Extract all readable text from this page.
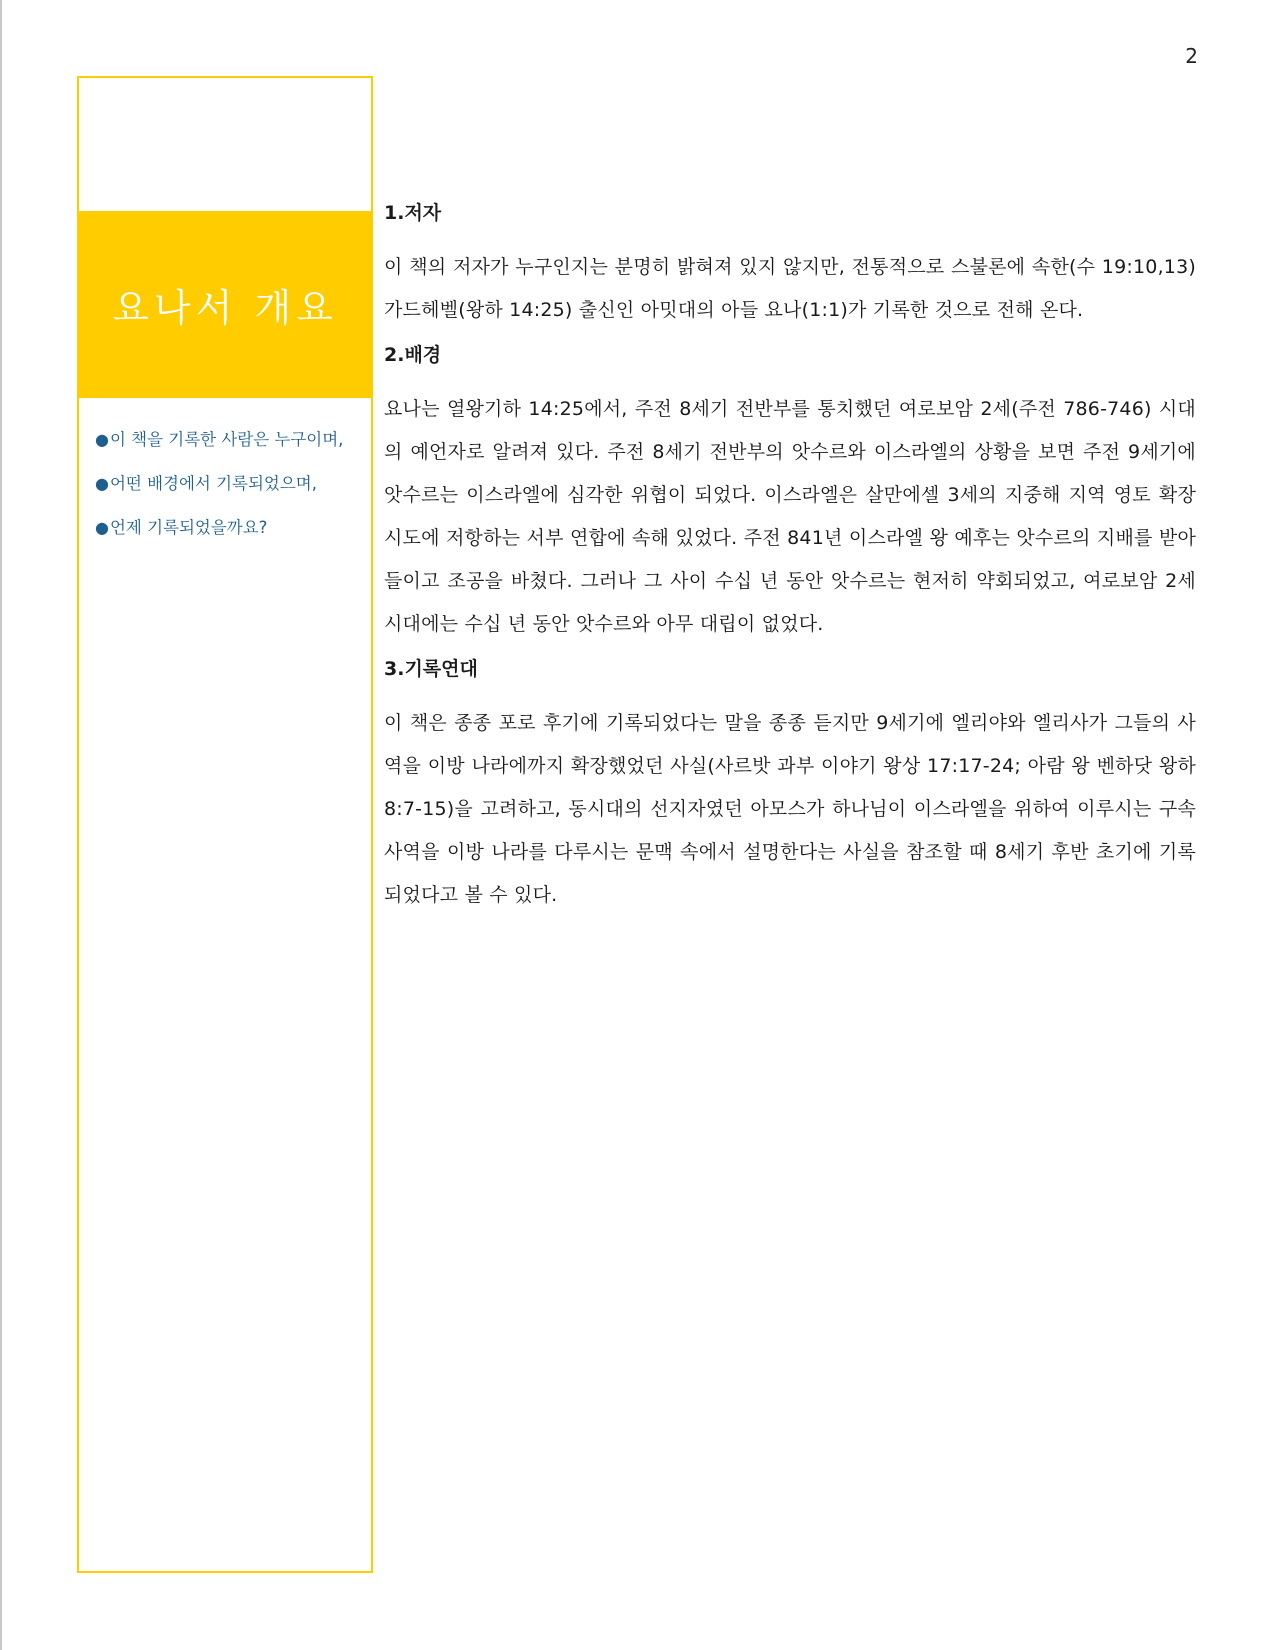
2
요나서 개요
●이 책을 기록한 사람은 누구이며,
●어떤 배경에서 기록되었으며,
●언제 기록되었을까요?
1.저자

이 책의 저자가 누구인지는 분명히 밝혀져 있지 않지만, 전통적으로 스불론에 속한(수 19:10,13) 가드헤벨(왕하 14:25) 출신인 아밋대의 아들 요나(1:1)가 기록한 것으로 전해 온다.

2.배경

요나는 열왕기하 14:25에서, 주전 8세기 전반부를 통치했던 여로보암 2세(주전 786-746) 시대의 예언자로 알려져 있다. 주전 8세기 전반부의 앗수르와 이스라엘의 상황을 보면 주전 9세기에 앗수르는 이스라엘에 심각한 위협이 되었다. 이스라엘은 살만에셀 3세의 지중해 지역 영토 확장 시도에 저항하는 서부 연합에 속해 있었다. 주전 841년 이스라엘 왕 예후는 앗수르의 지배를 받아들이고 조공을 바쳤다. 그러나 그 사이 수십 년 동안 앗수르는 현저히 약회되었고, 여로보암 2세 시대에는 수십 년 동안 앗수르와 아무 대립이 없었다.

3.기록연대

이 책은 종종 포로 후기에 기록되었다는 말을 종종 듣지만 9세기에 엘리야와 엘리사가 그들의 사역을 이방 나라에까지 확장했었던 사실(사르밧 과부 이야기 왕상 17:17-24; 아람 왕 벤하닷 왕하 8:7-15)을 고려하고, 동시대의 선지자였던 아모스가 하나님이 이스라엘을 위하여 이루시는 구속사역을 이방 나라를 다루시는 문맥 속에서 설명한다는 사실을 참조할 때 8세기 후반 초기에 기록되었다고 볼 수 있다.
